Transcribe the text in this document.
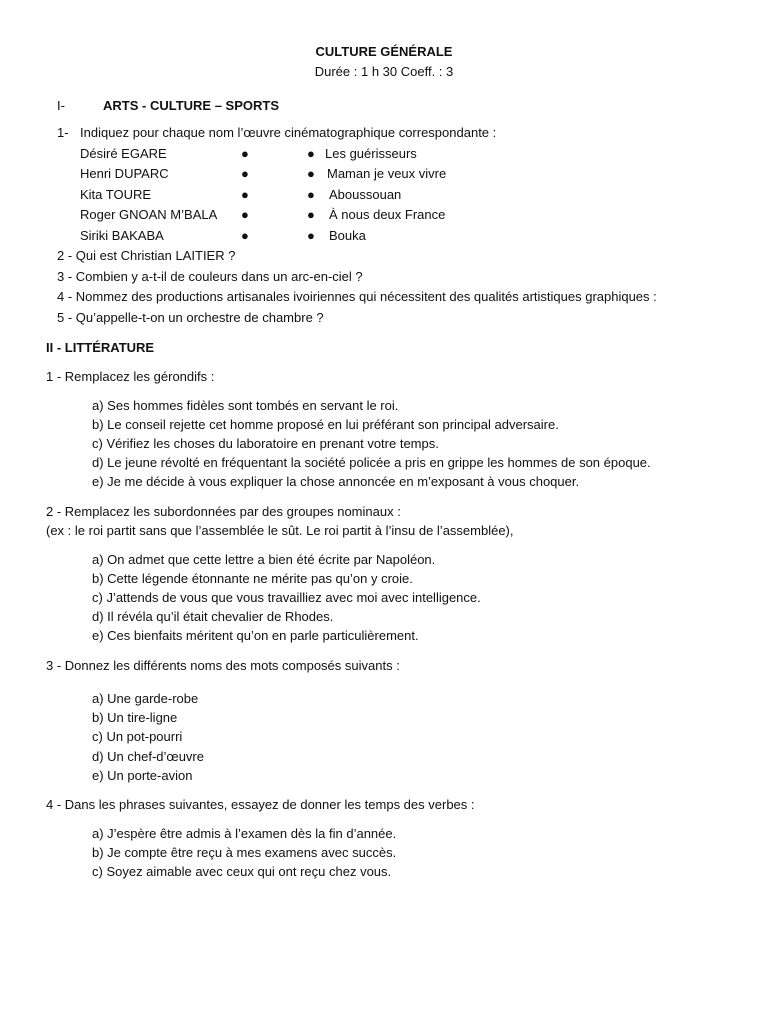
CULTURE GÉNÉRALE
Durée : 1 h 30 Coeff. : 3
I-	ARTS - CULTURE – SPORTS
1- Indiquez pour chaque nom l’œuvre cinématographique correspondante :
Désiré EGARE	●	● Les guérisseurs
Henri DUPARC	●	● Maman je veux vivre
Kita TOURE	●	● Aboussouan
Roger GNOAN M’BALA ●	● À nous deux France
Siriki BAKABA	●	● Bouka
2 - Qui est Christian LAITIER ?
3 - Combien y a-t-il de couleurs dans un arc-en-ciel ?
4 - Nommez des productions artisanales ivoiriennes qui nécessitent des qualités artistiques graphiques :
5 - Qu’appelle-t-on un orchestre de chambre ?
II - LITTÉRATURE
1 - Remplacez les gérondifs :
a) Ses hommes fidèles sont tombés en servant le roi.
b) Le conseil rejette cet homme proposé en lui préférant son principal adversaire.
c) Vérifiez les choses du laboratoire en prenant votre temps.
d) Le jeune révolté en fréquentant la société policée a pris en grippe les hommes de son époque.
e) Je me décide à vous expliquer la chose annoncée en m’exposant à vous choquer.
2 - Remplacez les subordonnées par des groupes nominaux :
(ex : le roi partit sans que l’assemblée le sût. Le roi partit à l’insu de l’assemblée),
a) On admet que cette lettre a bien été écrite par Napoléon.
b) Cette légende étonnante ne mérite pas qu’on y croie.
c) J’attends de vous que vous travailliez avec moi avec intelligence.
d) Il révéla qu’il était chevalier de Rhodes.
e) Ces bienfaits méritent qu’on en parle particulièrement.
3 - Donnez les différents noms des mots composés suivants :
a) Une garde-robe
b) Un tire-ligne
c) Un pot-pourri
d) Un chef-d’œuvre
e) Un porte-avion
4 - Dans les phrases suivantes, essayez de donner les temps des verbes :
a) J’espère être admis à l’examen dès la fin d’année.
b) Je compte être reçu à mes examens avec succès.
c) Soyez aimable avec ceux qui ont reçu chez vous.
